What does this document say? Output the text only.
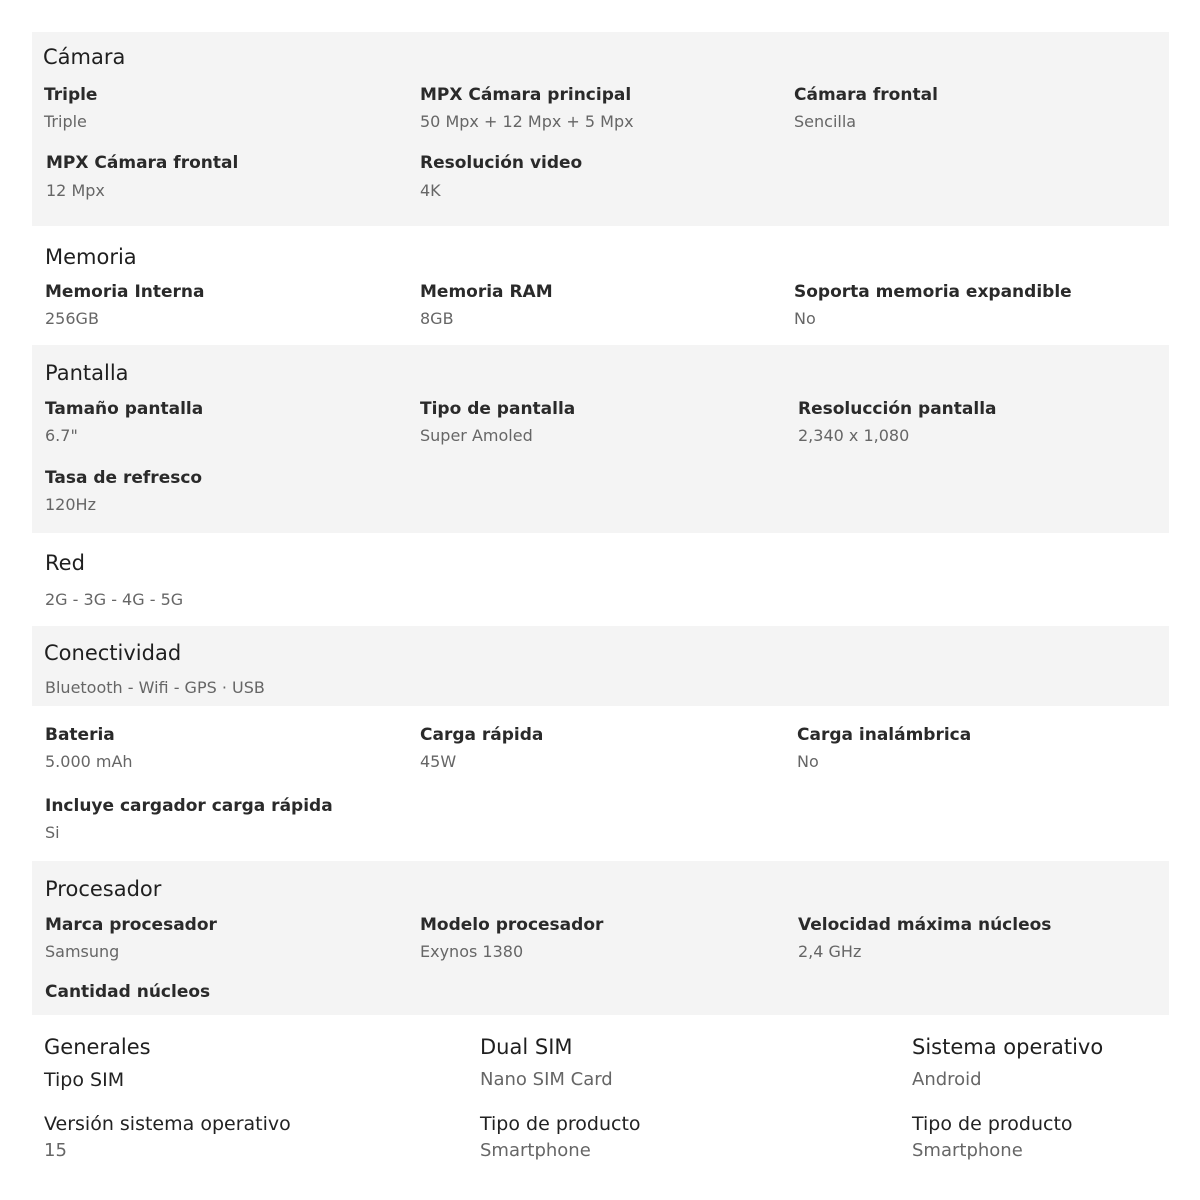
Cámara
Triple
Triple
MPX Cámara principal
50 Mpx + 12 Mpx + 5 Mpx
Cámara frontal
Sencilla
MPX Cámara frontal
12 Mpx
Resolución video
4K
Memoria
Memoria Interna
256GB
Memoria RAM
8GB
Soporta memoria expandible
No
Pantalla
Tamaño pantalla
6.7"
Tipo de pantalla
Super Amoled
Resolucción pantalla
2,340 x 1,080
Tasa de refresco
120Hz
Red
2G - 3G - 4G - 5G
Conectividad
Bluetooth - Wifi - GPS · USB
Bateria
5.000 mAh
Carga rápida
45W
Carga inalámbrica
No
Incluye cargador carga rápida
Si
Procesador
Marca procesador
Samsung
Modelo procesador
Exynos 1380
Velocidad máxima núcleos
2,4 GHz
Cantidad núcleos
Generales
Tipo SIM
Dual SIM
Nano SIM Card
Sistema operativo
Android
Versión sistema operativo
15
Tipo de producto
Smartphone
Tipo de producto
Smartphone
